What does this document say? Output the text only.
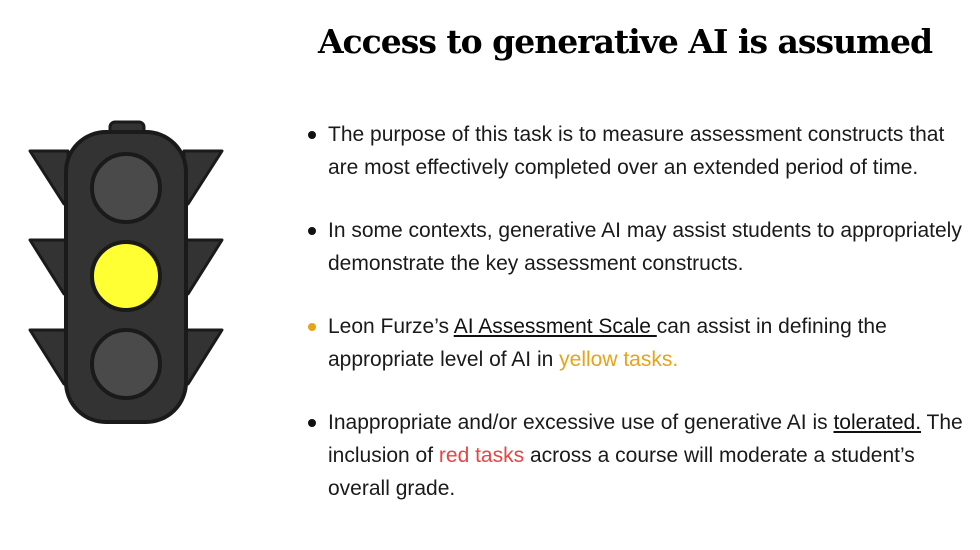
Access to generative AI is assumed
The purpose of this task is to measure assessment constructs that are most effectively completed over an extended period of time.
In some contexts, generative AI may assist students to appropriately demonstrate the key assessment constructs.
Leon Furze’s AI Assessment Scale can assist in defining the appropriate level of AI in yellow tasks.
Inappropriate and/or excessive use of generative AI is tolerated. The inclusion of red tasks across a course will moderate a student’s overall grade.
